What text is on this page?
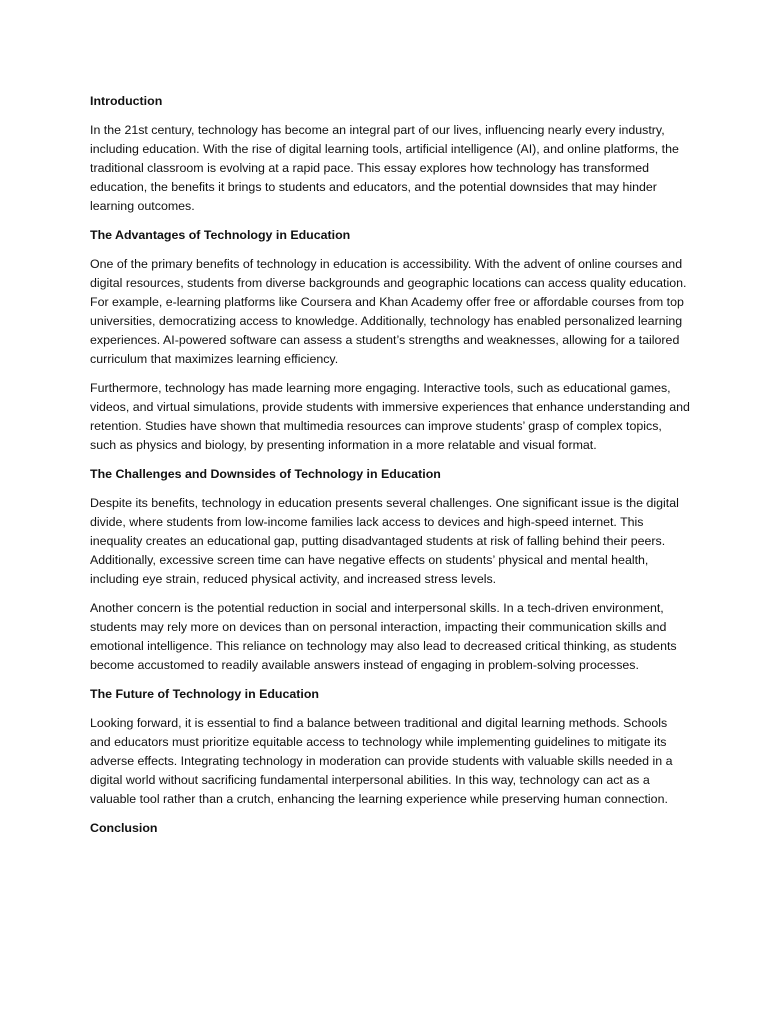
Introduction
In the 21st century, technology has become an integral part of our lives, influencing nearly every industry, including education. With the rise of digital learning tools, artificial intelligence (AI), and online platforms, the traditional classroom is evolving at a rapid pace. This essay explores how technology has transformed education, the benefits it brings to students and educators, and the potential downsides that may hinder learning outcomes.
The Advantages of Technology in Education
One of the primary benefits of technology in education is accessibility. With the advent of online courses and digital resources, students from diverse backgrounds and geographic locations can access quality education. For example, e-learning platforms like Coursera and Khan Academy offer free or affordable courses from top universities, democratizing access to knowledge. Additionally, technology has enabled personalized learning experiences. AI-powered software can assess a student’s strengths and weaknesses, allowing for a tailored curriculum that maximizes learning efficiency.
Furthermore, technology has made learning more engaging. Interactive tools, such as educational games, videos, and virtual simulations, provide students with immersive experiences that enhance understanding and retention. Studies have shown that multimedia resources can improve students’ grasp of complex topics, such as physics and biology, by presenting information in a more relatable and visual format.
The Challenges and Downsides of Technology in Education
Despite its benefits, technology in education presents several challenges. One significant issue is the digital divide, where students from low-income families lack access to devices and high-speed internet. This inequality creates an educational gap, putting disadvantaged students at risk of falling behind their peers. Additionally, excessive screen time can have negative effects on students’ physical and mental health, including eye strain, reduced physical activity, and increased stress levels.
Another concern is the potential reduction in social and interpersonal skills. In a tech-driven environment, students may rely more on devices than on personal interaction, impacting their communication skills and emotional intelligence. This reliance on technology may also lead to decreased critical thinking, as students become accustomed to readily available answers instead of engaging in problem-solving processes.
The Future of Technology in Education
Looking forward, it is essential to find a balance between traditional and digital learning methods. Schools and educators must prioritize equitable access to technology while implementing guidelines to mitigate its adverse effects. Integrating technology in moderation can provide students with valuable skills needed in a digital world without sacrificing fundamental interpersonal abilities. In this way, technology can act as a valuable tool rather than a crutch, enhancing the learning experience while preserving human connection.
Conclusion
